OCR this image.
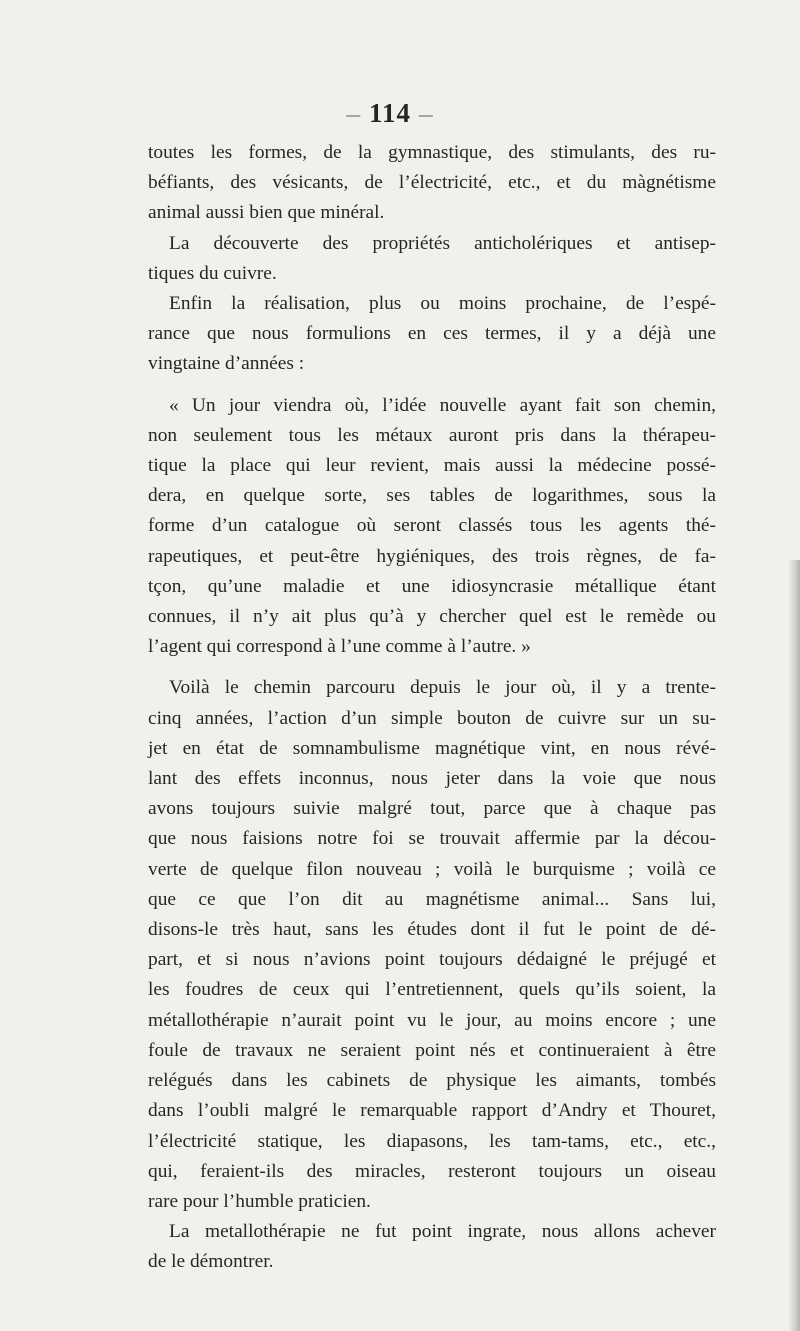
— 114 —
toutes les formes, de la gymnastique, des stimulants, des ru-
béfiants, des vésicants, de l’électricité, etc., et du màgnétisme
animal aussi bien que minéral.
La découverte des propriétés anticholériques et antisep-
tiques du cuivre.
Enfin la réalisation, plus ou moins prochaine, de l’espé-
rance que nous formulions en ces termes, il y a déjà une
vingtaine d’années :
« Un jour viendra où, l’idée nouvelle ayant fait son chemin,
non seulement tous les métaux auront pris dans la thérapeu-
tique la place qui leur revient, mais aussi la médecine possé-
dera, en quelque sorte, ses tables de logarithmes, sous la
forme d’un catalogue où seront classés tous les agents thé-
rapeutiques, et peut-être hygiéniques, des trois règnes, de fa-
tçon, qu’une maladie et une idiosyncrasie métallique étant
connues, il n’y ait plus qu’à y chercher quel est le remède ou
l’agent qui correspond à l’une comme à l’autre. »
Voilà le chemin parcouru depuis le jour où, il y a trente-
cinq années, l’action d’un simple bouton de cuivre sur un su-
jet en état de somnambulisme magnétique vint, en nous révé-
lant des effets inconnus, nous jeter dans la voie que nous
avons toujours suivie malgré tout, parce que à chaque pas
que nous faisions notre foi se trouvait affermie par la décou-
verte de quelque filon nouveau ; voilà le burquisme ; voilà ce
que ce que l’on dit au magnétisme animal... Sans lui,
disons-le très haut, sans les études dont il fut le point de dé-
part, et si nous n’avions point toujours dédaigné le préjugé et
les foudres de ceux qui l’entretiennent, quels qu’ils soient, la
métallothérapie n’aurait point vu le jour, au moins encore ; une
foule de travaux ne seraient point nés et continueraient à être
relégués dans les cabinets de physique les aimants, tombés
dans l’oubli malgré le remarquable rapport d’Andry et Thouret,
l’électricité statique, les diapasons, les tam-tams, etc., etc.,
qui, feraient-ils des miracles, resteront toujours un oiseau
rare pour l’humble praticien.
La metallothérapie ne fut point ingrate, nous allons achever
de le démontrer.
